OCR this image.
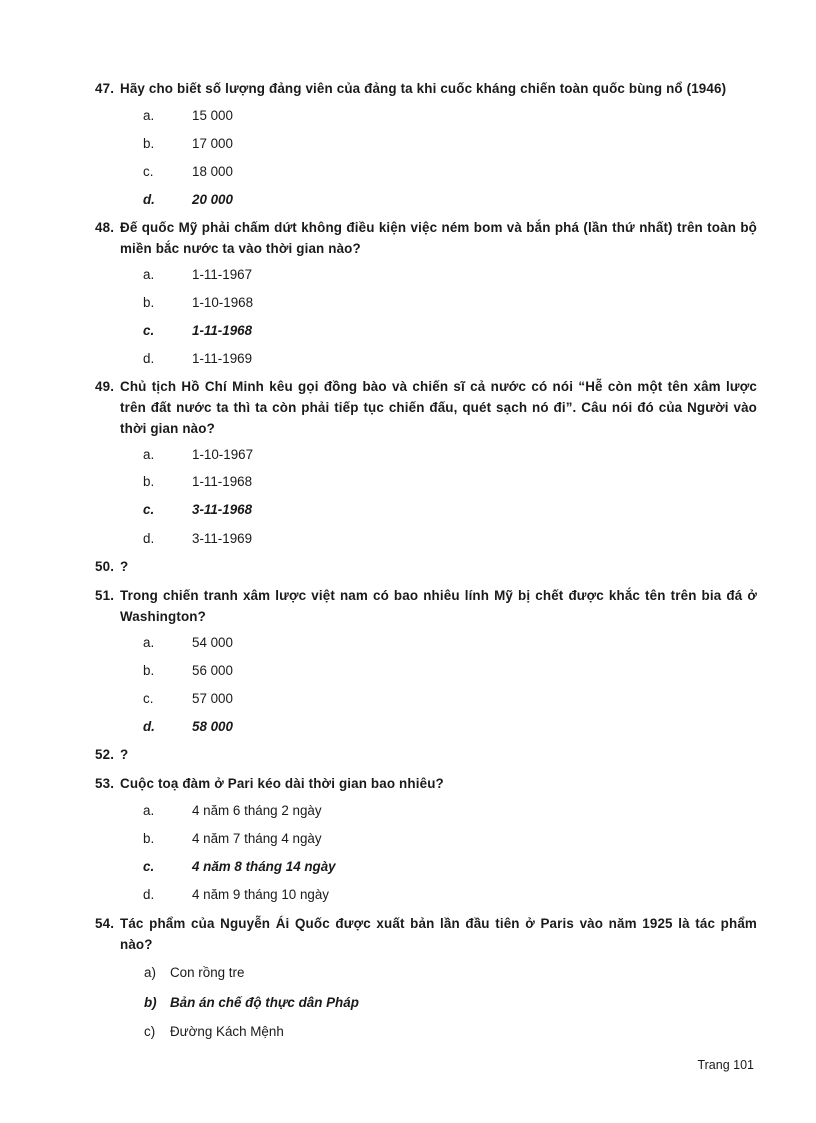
47. Hãy cho biết số lượng đảng viên của đảng ta khi cuốc kháng chiến toàn quốc bùng nổ (1946)
a.	15 000
b.	17 000
c.	18 000
d.	20 000
48. Đế quốc Mỹ phải chấm dứt không điều kiện việc ném bom và bắn phá (lần thứ nhất) trên toàn bộ miền bắc nước ta vào thời gian nào?
a.	1-11-1967
b.	1-10-1968
c.	1-11-1968
d.	1-11-1969
49. Chủ tịch Hồ Chí Minh kêu gọi đồng bào và chiến sĩ cả nước có nói “Hễ còn một tên xâm lược trên đất nước ta thì ta còn phải tiếp tục chiến đấu, quét sạch nó đi”. Câu nói đó của Người vào thời gian nào?
a.	1-10-1967
b.	1-11-1968
c.	3-11-1968
d.	3-11-1969
50. ?
51. Trong chiến tranh xâm lược việt nam có bao nhiêu lính Mỹ bị chết được khắc tên trên bia đá ở Washington?
a.	54 000
b.	56 000
c.	57 000
d.	58 000
52. ?
53. Cuộc toạ đàm ở Pari kéo dài thời gian bao nhiêu?
a.	4 năm 6 tháng 2 ngày
b.	4 năm 7 tháng 4 ngày
c.	4 năm 8 tháng 14 ngày
d.	4 năm 9 tháng 10 ngày
54. Tác phẩm của Nguyễn Ái Quốc được xuất bản lần đầu tiên ở Paris vào năm 1925 là tác phẩm nào?
a) Con rồng tre
b) Bản án chế độ thực dân Pháp
c) Đường Kách Mệnh
Trang 101
